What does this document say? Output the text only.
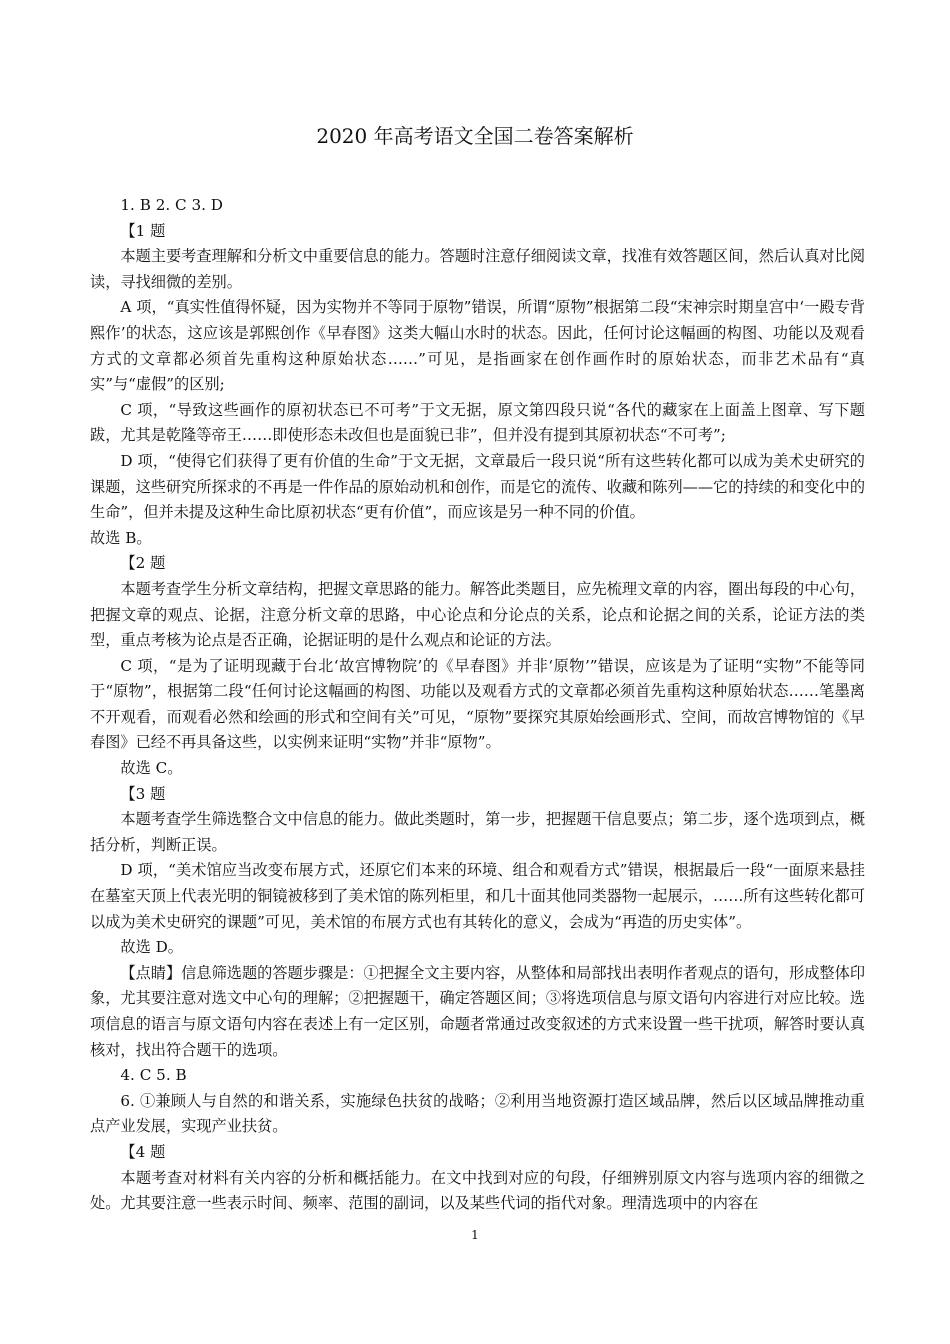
2020 年高考语文全国二卷答案解析

1. B 2. C 3. D

【1 题

本题主要考查理解和分析文中重要信息的能力。答题时注意仔细阅读文章，找准有效答题区间，然后认真对比阅读，寻找细微的差别。

A 项，“真实性值得怀疑，因为实物并不等同于原物”错误，所谓“原物”根据第二段“宋神宗时期皇宫中‘一殿专背熙作’的状态，这应该是郭熙创作《早春图》这类大幅山水时的状态。因此，任何讨论这幅画的构图、功能以及观看方式的文章都必须首先重构这种原始状态……”可见，是指画家在创作画作时的原始状态，而非艺术品有“真实”与“虚假”的区别;

C 项，“导致这些画作的原初状态已不可考”于文无据，原文第四段只说“各代的藏家在上面盖上图章、写下题跋，尤其是乾隆等帝王……即使形态未改但也是面貌已非”，但并没有提到其原初状态“不可考”;

D 项，“使得它们获得了更有价值的生命”于文无据，文章最后一段只说“所有这些转化都可以成为美术史研究的课题，这些研究所探求的不再是一件作品的原始动机和创作，而是它的流传、收藏和陈列——它的持续的和变化中的生命”，但并未提及这种生命比原初状态“更有价值”，而应该是另一种不同的价值。

故选 B。

【2 题

本题考查学生分析文章结构，把握文章思路的能力。解答此类题目，应先梳理文章的内容，圈出每段的中心句，把握文章的观点、论据，注意分析文章的思路，中心论点和分论点的关系，论点和论据之间的关系，论证方法的类型，重点考核为论点是否正确，论据证明的是什么观点和论证的方法。

C 项，“是为了证明现藏于台北‘故宫博物院’的《早春图》并非‘原物’”错误，应该是为了证明“实物”不能等同于“原物”，根据第二段“任何讨论这幅画的构图、功能以及观看方式的文章都必须首先重构这种原始状态……笔墨离不开观看，而观看必然和绘画的形式和空间有关”可见，“原物”要探究其原始绘画形式、空间，而故宫博物馆的《早春图》已经不再具备这些，以实例来证明“实物”并非“原物”。

故选 C。

【3 题

本题考查学生筛选整合文中信息的能力。做此类题时，第一步，把握题干信息要点；第二步，逐个选项到点，概括分析，判断正误。

D 项，“美术馆应当改变布展方式，还原它们本来的环境、组合和观看方式”错误，根据最后一段“一面原来悬挂在墓室天顶上代表光明的铜镜被移到了美术馆的陈列柜里，和几十面其他同类器物一起展示，……所有这些转化都可以成为美术史研究的课题”可见，美术馆的布展方式也有其转化的意义，会成为“再造的历史实体”。

故选 D。

【点睛】信息筛选题的答题步骤是：①把握全文主要内容，从整体和局部找出表明作者观点的语句，形成整体印象，尤其要注意对选文中心句的理解；②把握题干，确定答题区间；③将选项信息与原文语句内容进行对应比较。选项信息的语言与原文语句内容在表述上有一定区别，命题者常通过改变叙述的方式来设置一些干扰项，解答时要认真核对，找出符合题干的选项。

4. C 5. B

6. ①兼顾人与自然的和谐关系，实施绿色扶贫的战略；②利用当地资源打造区域品牌，然后以区域品牌推动重点产业发展，实现产业扶贫。

【4 题

本题考查对材料有关内容的分析和概括能力。在文中找到对应的句段，仔细辨别原文内容与选项内容的细微之处。尤其要注意一些表示时间、频率、范围的副词，以及某些代词的指代对象。理清选项中的内容在

1
